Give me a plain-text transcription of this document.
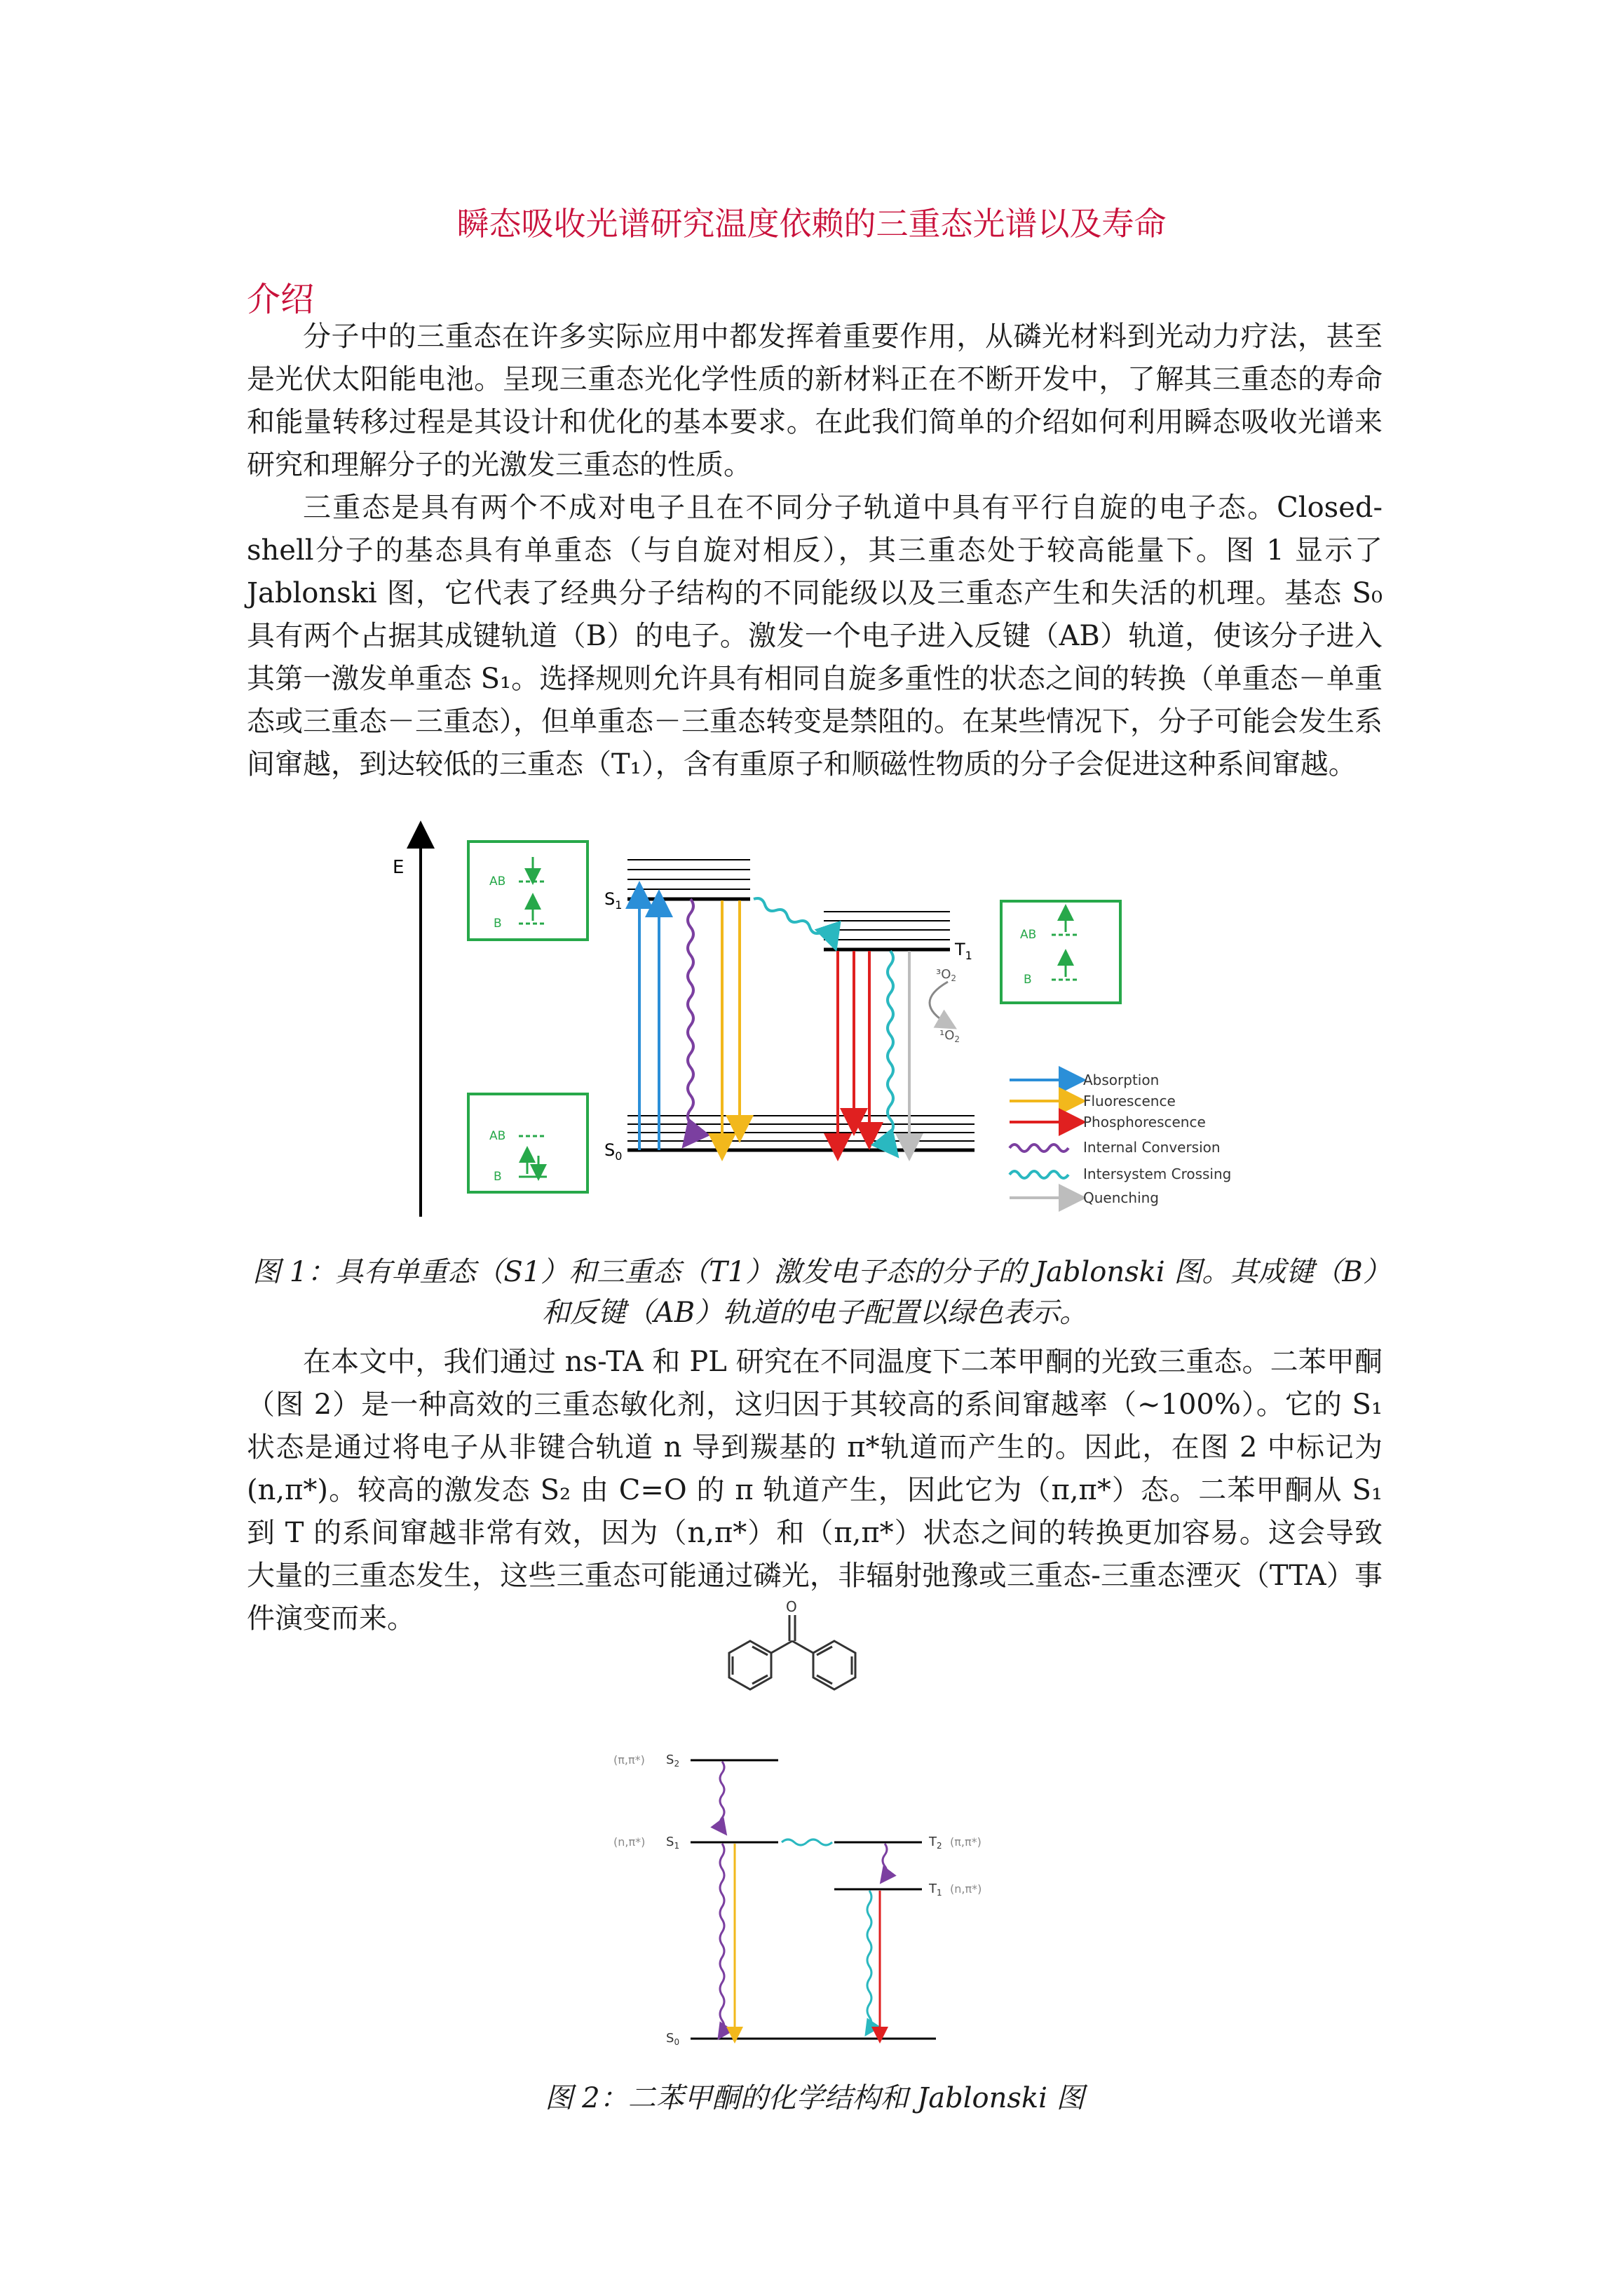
瞬态吸收光谱研究温度依赖的三重态光谱以及寿命
介绍

分子中的三重态在许多实际应用中都发挥着重要作用，从磷光材料到光动力疗法，甚至是光伏太阳能电池。呈现三重态光化学性质的新材料正在不断开发中，了解其三重态的寿命和能量转移过程是其设计和优化的基本要求。在此我们简单的介绍如何利用瞬态吸收光谱来研究和理解分子的光激发三重态的性质。

三重态是具有两个不成对电子且在不同分子轨道中具有平行自旋的电子态。Closed-shell分子的基态具有单重态（与自旋对相反），其三重态处于较高能量下。图 1 显示了 Jablonski 图，它代表了经典分子结构的不同能级以及三重态产生和失活的机理。基态 S₀ 具有两个占据其成键轨道（B）的电子。激发一个电子进入反键（AB）轨道，使该分子进入其第一激发单重态 S₁。选择规则允许具有相同自旋多重性的状态之间的转换（单重态－单重态或三重态－三重态），但单重态－三重态转变是禁阻的。在某些情况下，分子可能会发生系间窜越，到达较低的三重态（T₁），含有重原子和顺磁性物质的分子会促进这种系间窜越。

E
AB
B
AB
B
AB
B
$S_1$
$S_0$
$T_1$
$^3O_2$
$^1O_2$
Absorption
Fluorescence
Phosphorescence
Internal Conversion
Intersystem Crossing
Quenching

图 1：具有单重态（S1）和三重态（T1）激发电子态的分子的 Jablonski 图。其成键（B）和反键（AB）轨道的电子配置以绿色表示。

在本文中，我们通过 ns-TA 和 PL 研究在不同温度下二苯甲酮的光致三重态。二苯甲酮（图 2）是一种高效的三重态敏化剂，这归因于其较高的系间窜越率（∼100%）。它的 S₁ 状态是通过将电子从非键合轨道 n 导到羰基的 π*轨道而产生的。因此，在图 2 中标记为(n,π*)。较高的激发态 S₂ 由 C=O 的 π 轨道产生，因此它为（π,π*）态。二苯甲酮从 S₁ 到 T 的系间窜越非常有效，因为（n,π*）和（π,π*）状态之间的转换更加容易。这会导致大量的三重态发生，这些三重态可能通过磷光，非辐射弛豫或三重态-三重态湮灭（TTA）事件演变而来。	O
(π,π*) $S_2$
(n,π*) $S_1$
$S_0$
$T_2$ (π,π*)
$T_1$ (n,π*)

图 2：二苯甲酮的化学结构和 Jablonski 图
